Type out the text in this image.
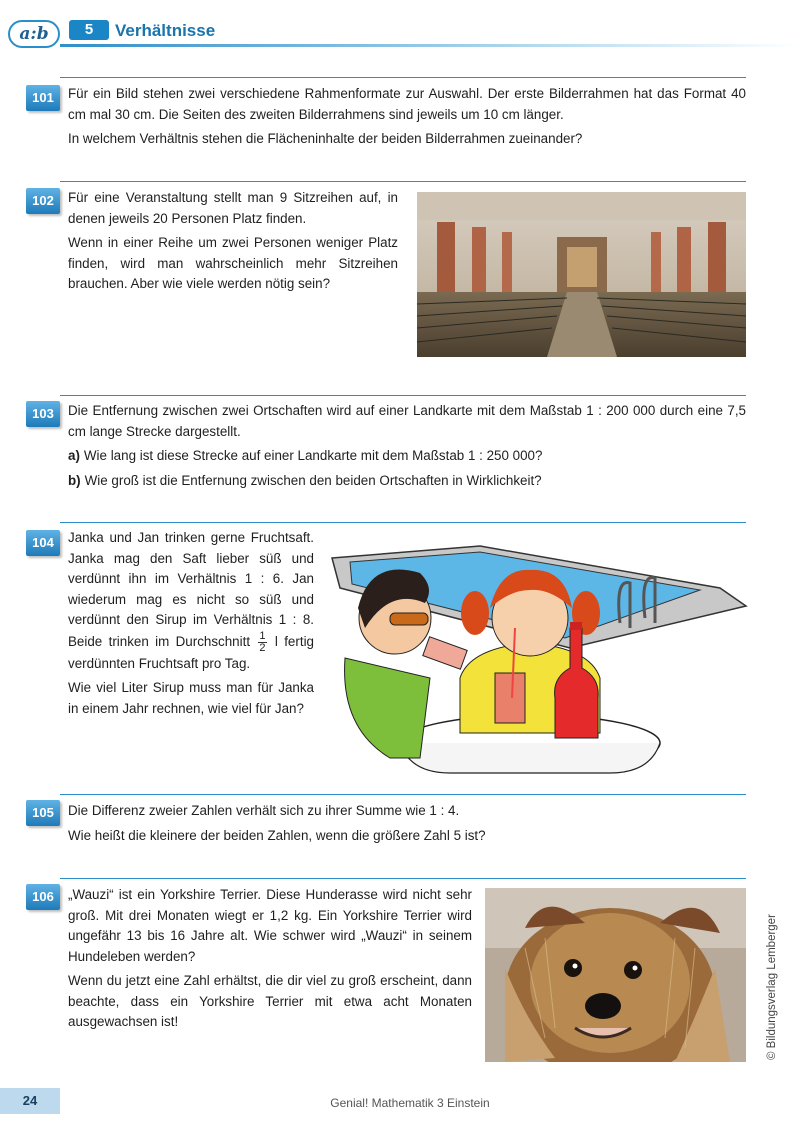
a:b	5	Verhältnisse
101	Für ein Bild stehen zwei verschiedene Rahmenformate zur Auswahl. Der erste Bilderrahmen hat das Format 40 cm mal 30 cm. Die Seiten des zweiten Bilderrahmens sind jeweils um 10 cm länger.

In welchem Verhältnis stehen die Flächeninhalte der beiden Bilderrahmen zueinander?

102	Für eine Veranstaltung stellt man 9 Sitzreihen auf, in denen jeweils 20 Personen Platz finden.

Wenn in einer Reihe um zwei Personen weniger Platz finden, wird man wahrscheinlich mehr Sitzreihen brauchen. Aber wie viele werden nötig sein?

103	Die Entfernung zwischen zwei Ortschaften wird auf einer Landkarte mit dem Maßstab 1 : 200 000 durch eine 7,5 cm lange Strecke dargestellt.

a) Wie lang ist diese Strecke auf einer Landkarte mit dem Maßstab 1 : 250 000?

b) Wie groß ist die Entfernung zwischen den beiden Ortschaften in Wirklichkeit?

104	Janka und Jan trinken gerne Fruchtsaft. Janka mag den Saft lieber süß und verdünnt ihn im Verhältnis 1 : 6. Jan wiederum mag es nicht so süß und verdünnt den Sirup im Verhältnis 1 : 8. Beide trinken im Durchschnitt $\frac{1}{2}$ l fertig verdünnten Fruchtsaft pro Tag.

Wie viel Liter Sirup muss man für Janka in einem Jahr rechnen, wie viel für Jan?

105	Die Differenz zweier Zahlen verhält sich zu ihrer Summe wie 1 : 4.

Wie heißt die kleinere der beiden Zahlen, wenn die größere Zahl 5 ist?

106	„Wauzi“ ist ein Yorkshire Terrier. Diese Hunderasse wird nicht sehr groß. Mit drei Monaten wiegt er 1,2 kg. Ein Yorkshire Terrier wird ungefähr 13 bis 16 Jahre alt. Wie schwer wird „Wauzi“ in seinem Hundeleben werden?

Wenn du jetzt eine Zahl erhältst, die dir viel zu groß erscheint, dann beachte, dass ein Yorkshire Terrier mit etwa acht Monaten ausgewachsen ist!

24	Genial! Mathematik 3 Einstein
© Bildungsverlag Lemberger
